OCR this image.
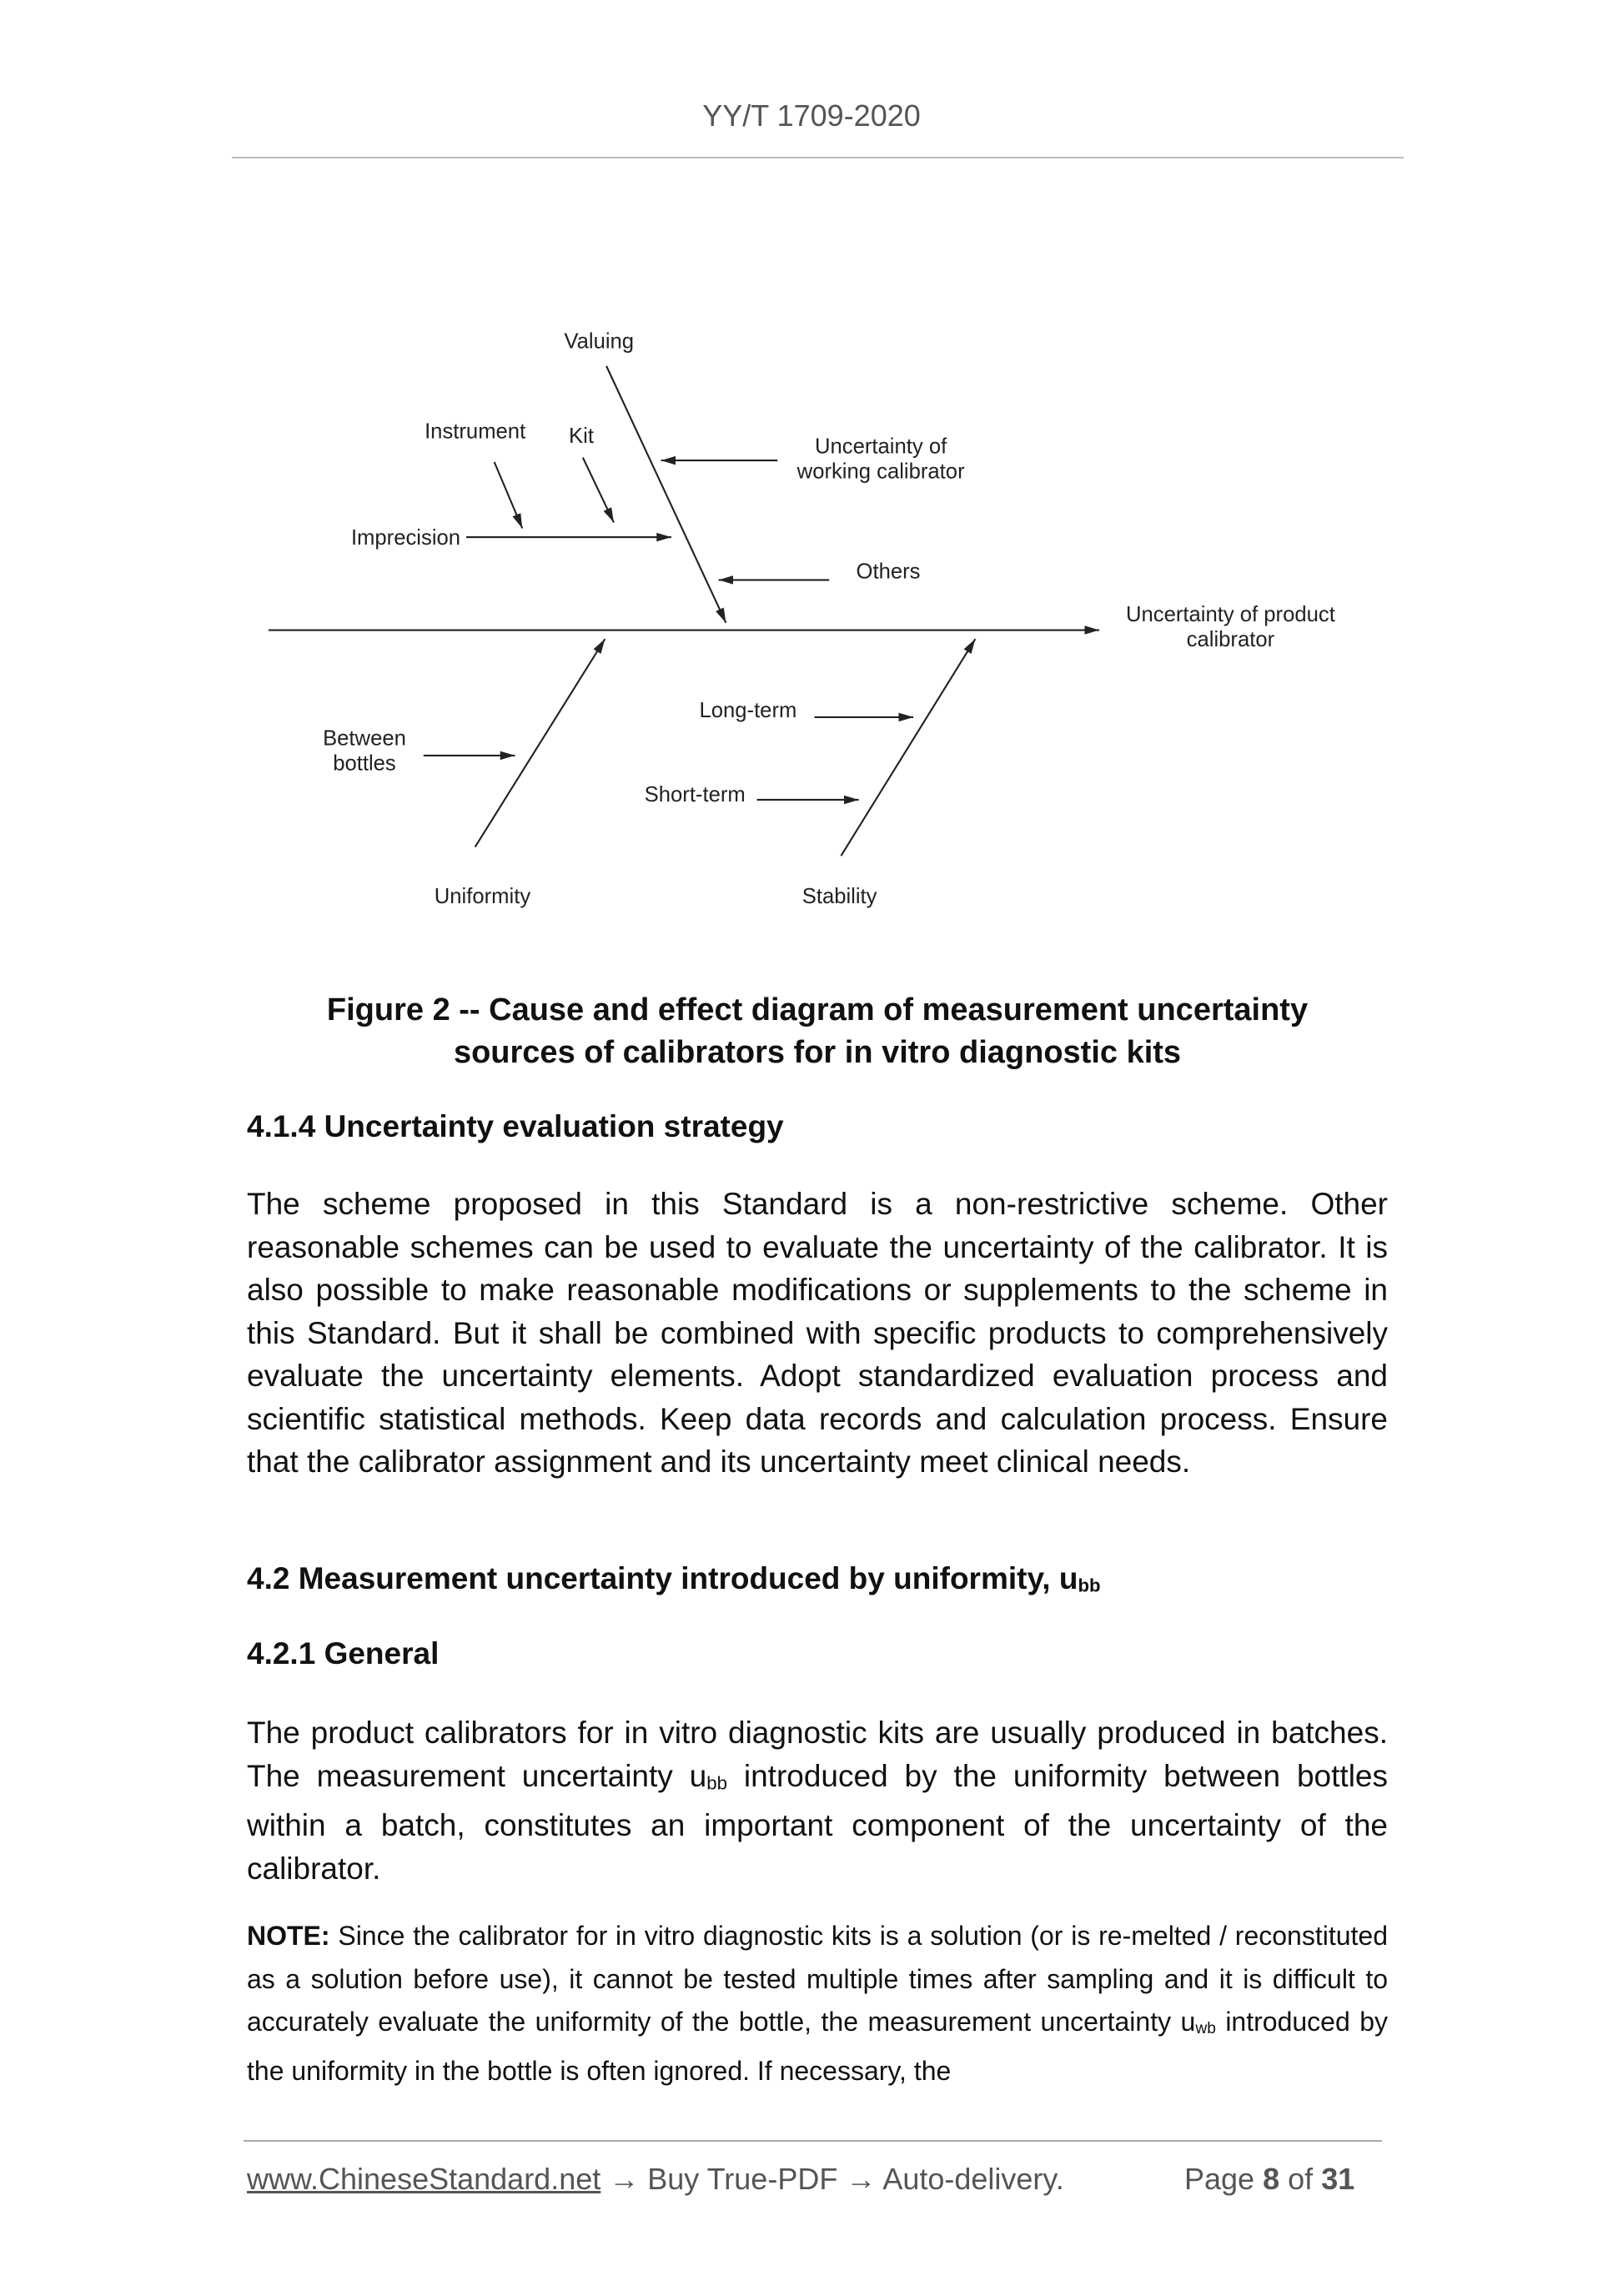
YY/T 1709-2020
Valuing
Instrument	Kit	Uncertainty of
working calibrator
Imprecision
Others
Uncertainty of product
calibrator
Between
bottles
Long-term
Short-term
Uniformity	Stability
Figure 2 -- Cause and effect diagram of measurement uncertainty
sources of calibrators for in vitro diagnostic kits
4.1.4 Uncertainty evaluation strategy
The scheme proposed in this Standard is a non-restrictive scheme. Other reasonable schemes can be used to evaluate the uncertainty of the calibrator. It is also possible to make reasonable modifications or supplements to the scheme in this Standard. But it shall be combined with specific products to comprehensively evaluate the uncertainty elements. Adopt standardized evaluation process and scientific statistical methods. Keep data records and calculation process. Ensure that the calibrator assignment and its uncertainty meet clinical needs.
4.2 Measurement uncertainty introduced by uniformity, $u_{bb}$
4.2.1 General
The product calibrators for in vitro diagnostic kits are usually produced in batches. The measurement uncertainty $u_{bb}$ introduced by the uniformity between bottles within a batch, constitutes an important component of the uncertainty of the calibrator.
NOTE: Since the calibrator for in vitro diagnostic kits is a solution (or is re-melted / reconstituted as a solution before use), it cannot be tested multiple times after sampling and it is difficult to accurately evaluate the uniformity of the bottle, the measurement uncertainty $u_{wb}$ introduced by the uniformity in the bottle is often ignored. If necessary, the
www.ChineseStandard.net → Buy True-PDF → Auto-delivery.	Page 8 of 31
